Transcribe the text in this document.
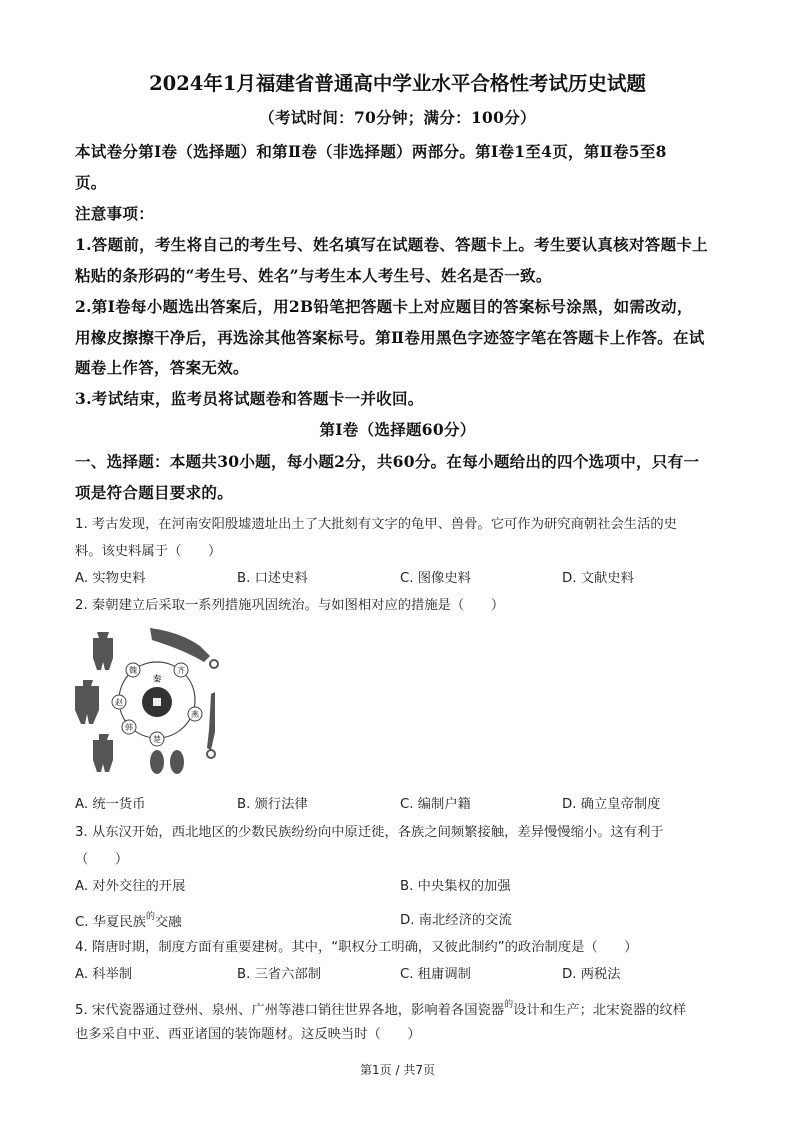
2024年1月福建省普通高中学业水平合格性考试历史试题
（考试时间：70分钟；满分：100分）
本试卷分第Ⅰ卷（选择题）和第Ⅱ卷（非选择题）两部分。第Ⅰ卷1至4页，第Ⅱ卷5至8
页。
注意事项：
1.答题前，考生将自己的考生号、姓名填写在试题卷、答题卡上。考生要认真核对答题卡上
粘贴的条形码的“考生号、姓名”与考生本人考生号、姓名是否一致。
2.第Ⅰ卷每小题选出答案后，用2B铅笔把答题卡上对应题目的答案标号涂黑，如需改动，
用橡皮擦擦干净后，再选涂其他答案标号。第Ⅱ卷用黑色字迹签字笔在答题卡上作答。在试
题卷上作答，答案无效。
3.考试结束，监考员将试题卷和答题卡一并收回。
第Ⅰ卷（选择题60分）
一、选择题：本题共30小题，每小题2分，共60分。在每小题给出的四个选项中，只有一
项是符合题目要求的。
1. 考古发现，在河南安阳殷墟遗址出土了大批刻有文字的龟甲、兽骨。它可作为研究商朝社会生活的史
料。该史料属于（　　）
A. 实物史料	B. 口述史料	C. 图像史料	D. 文献史料
2. 秦朝建立后采取一系列措施巩固统治。与如图相对应的措施是（　　）
秦
魏	齐
燕
楚
韩
赵
A. 统一货币	B. 颁行法律	C. 编制户籍	D. 确立皇帝制度
3. 从东汉开始，西北地区的少数民族纷纷向中原迁徙，各族之间频繁接触，差异慢慢缩小。这有利于
（　　）
A. 对外交往的开展	B. 中央集权的加强
C. 华夏民族$^的$交融	D. 南北经济的交流
4. 隋唐时期，制度方面有重要建树。其中，“职权分工明确，又彼此制约”的政治制度是（　　）
A. 科举制	B. 三省六部制	C. 租庸调制	D. 两税法
5. 宋代瓷器通过登州、泉州、广州等港口销往世界各地，影响着各国瓷器$^的$设计和生产；北宋瓷器的纹样
也多采自中亚、西亚诸国的装饰题材。这反映当时（　　）
第1页 / 共7页
